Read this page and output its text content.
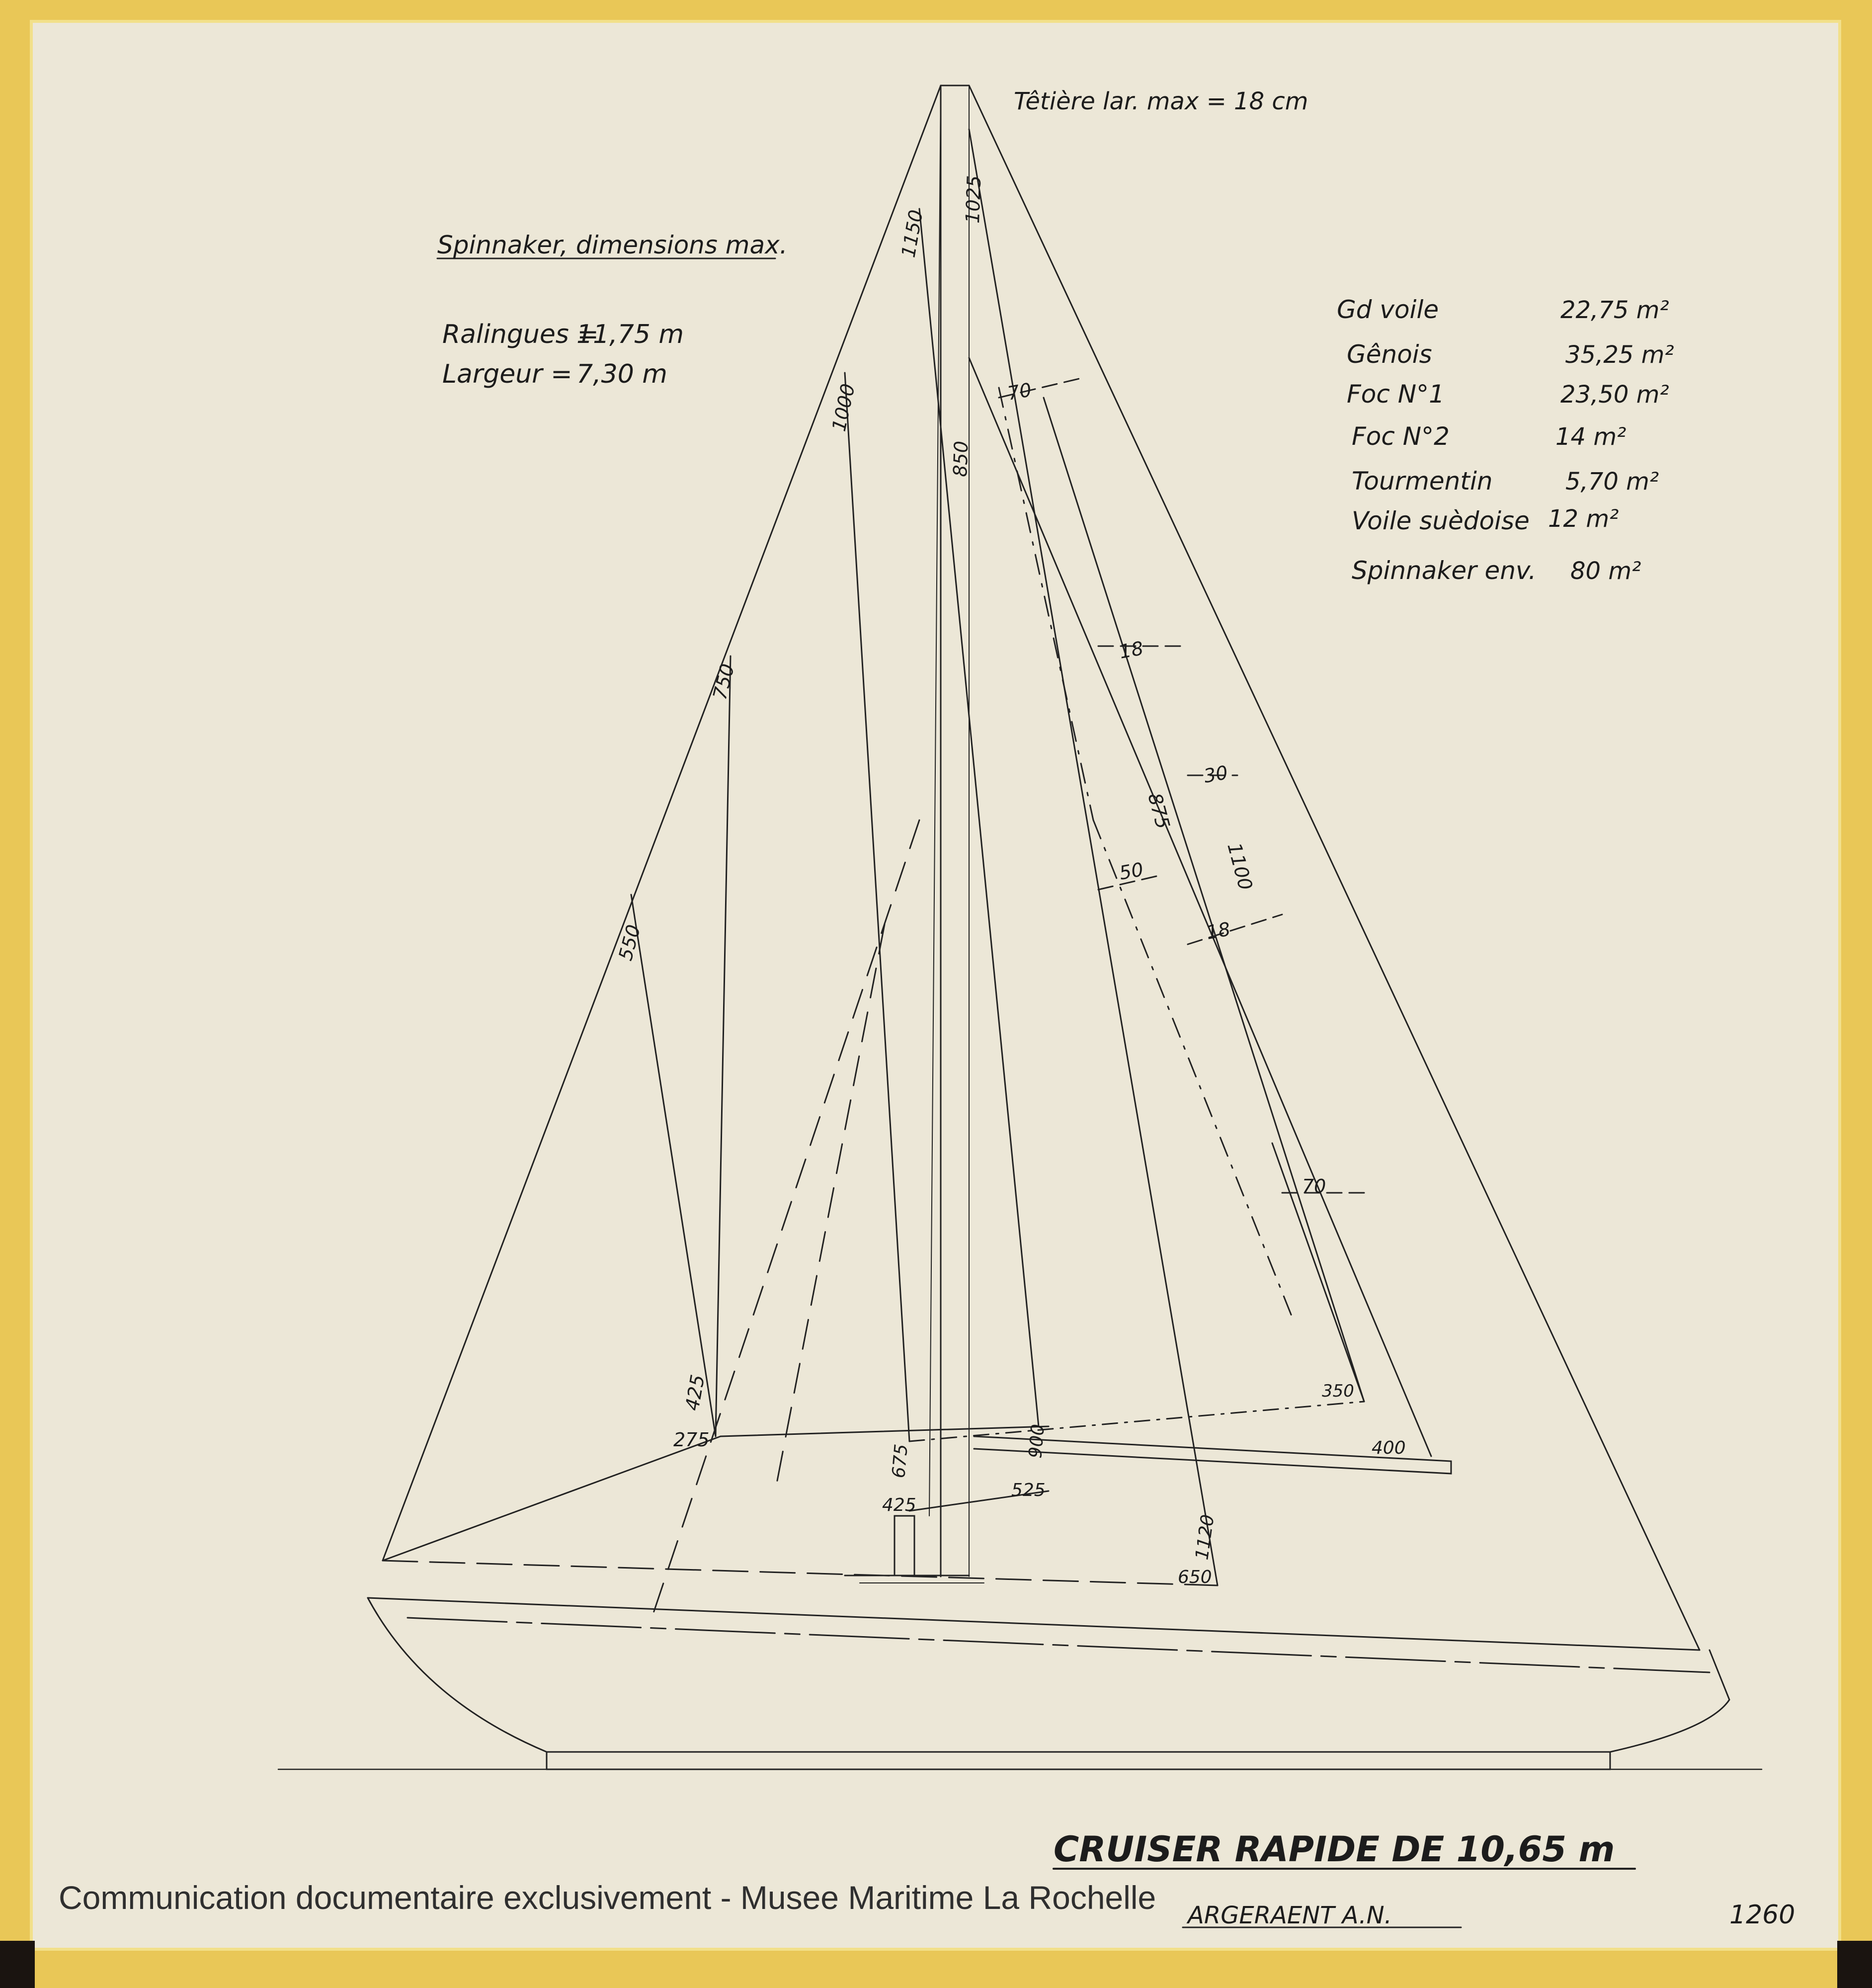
Têtière lar. max = 18 cm
Spinnaker, dimensions max.
Ralingues =
11,75 m
Largeur = 7,30 m
Gd voile	22,75 m²
Gênois	35,25 m²
Foc N°1	23,50 m²
Foc N°2	14 m²
Tourmentin	5,70 m²
Voile suèdoise 12 m²
Spinnaker env. 80 m²
1150
1025
1000
850
750
550
425
275
675
425
900
525
1120
650
400
350
875
1100
18
18
30
50
70
70
CRUISER RAPIDE DE 10,65 m
ARGERAENT A.N.	1260
Communication documentaire exclusivement - Musee Maritime La Rochelle
